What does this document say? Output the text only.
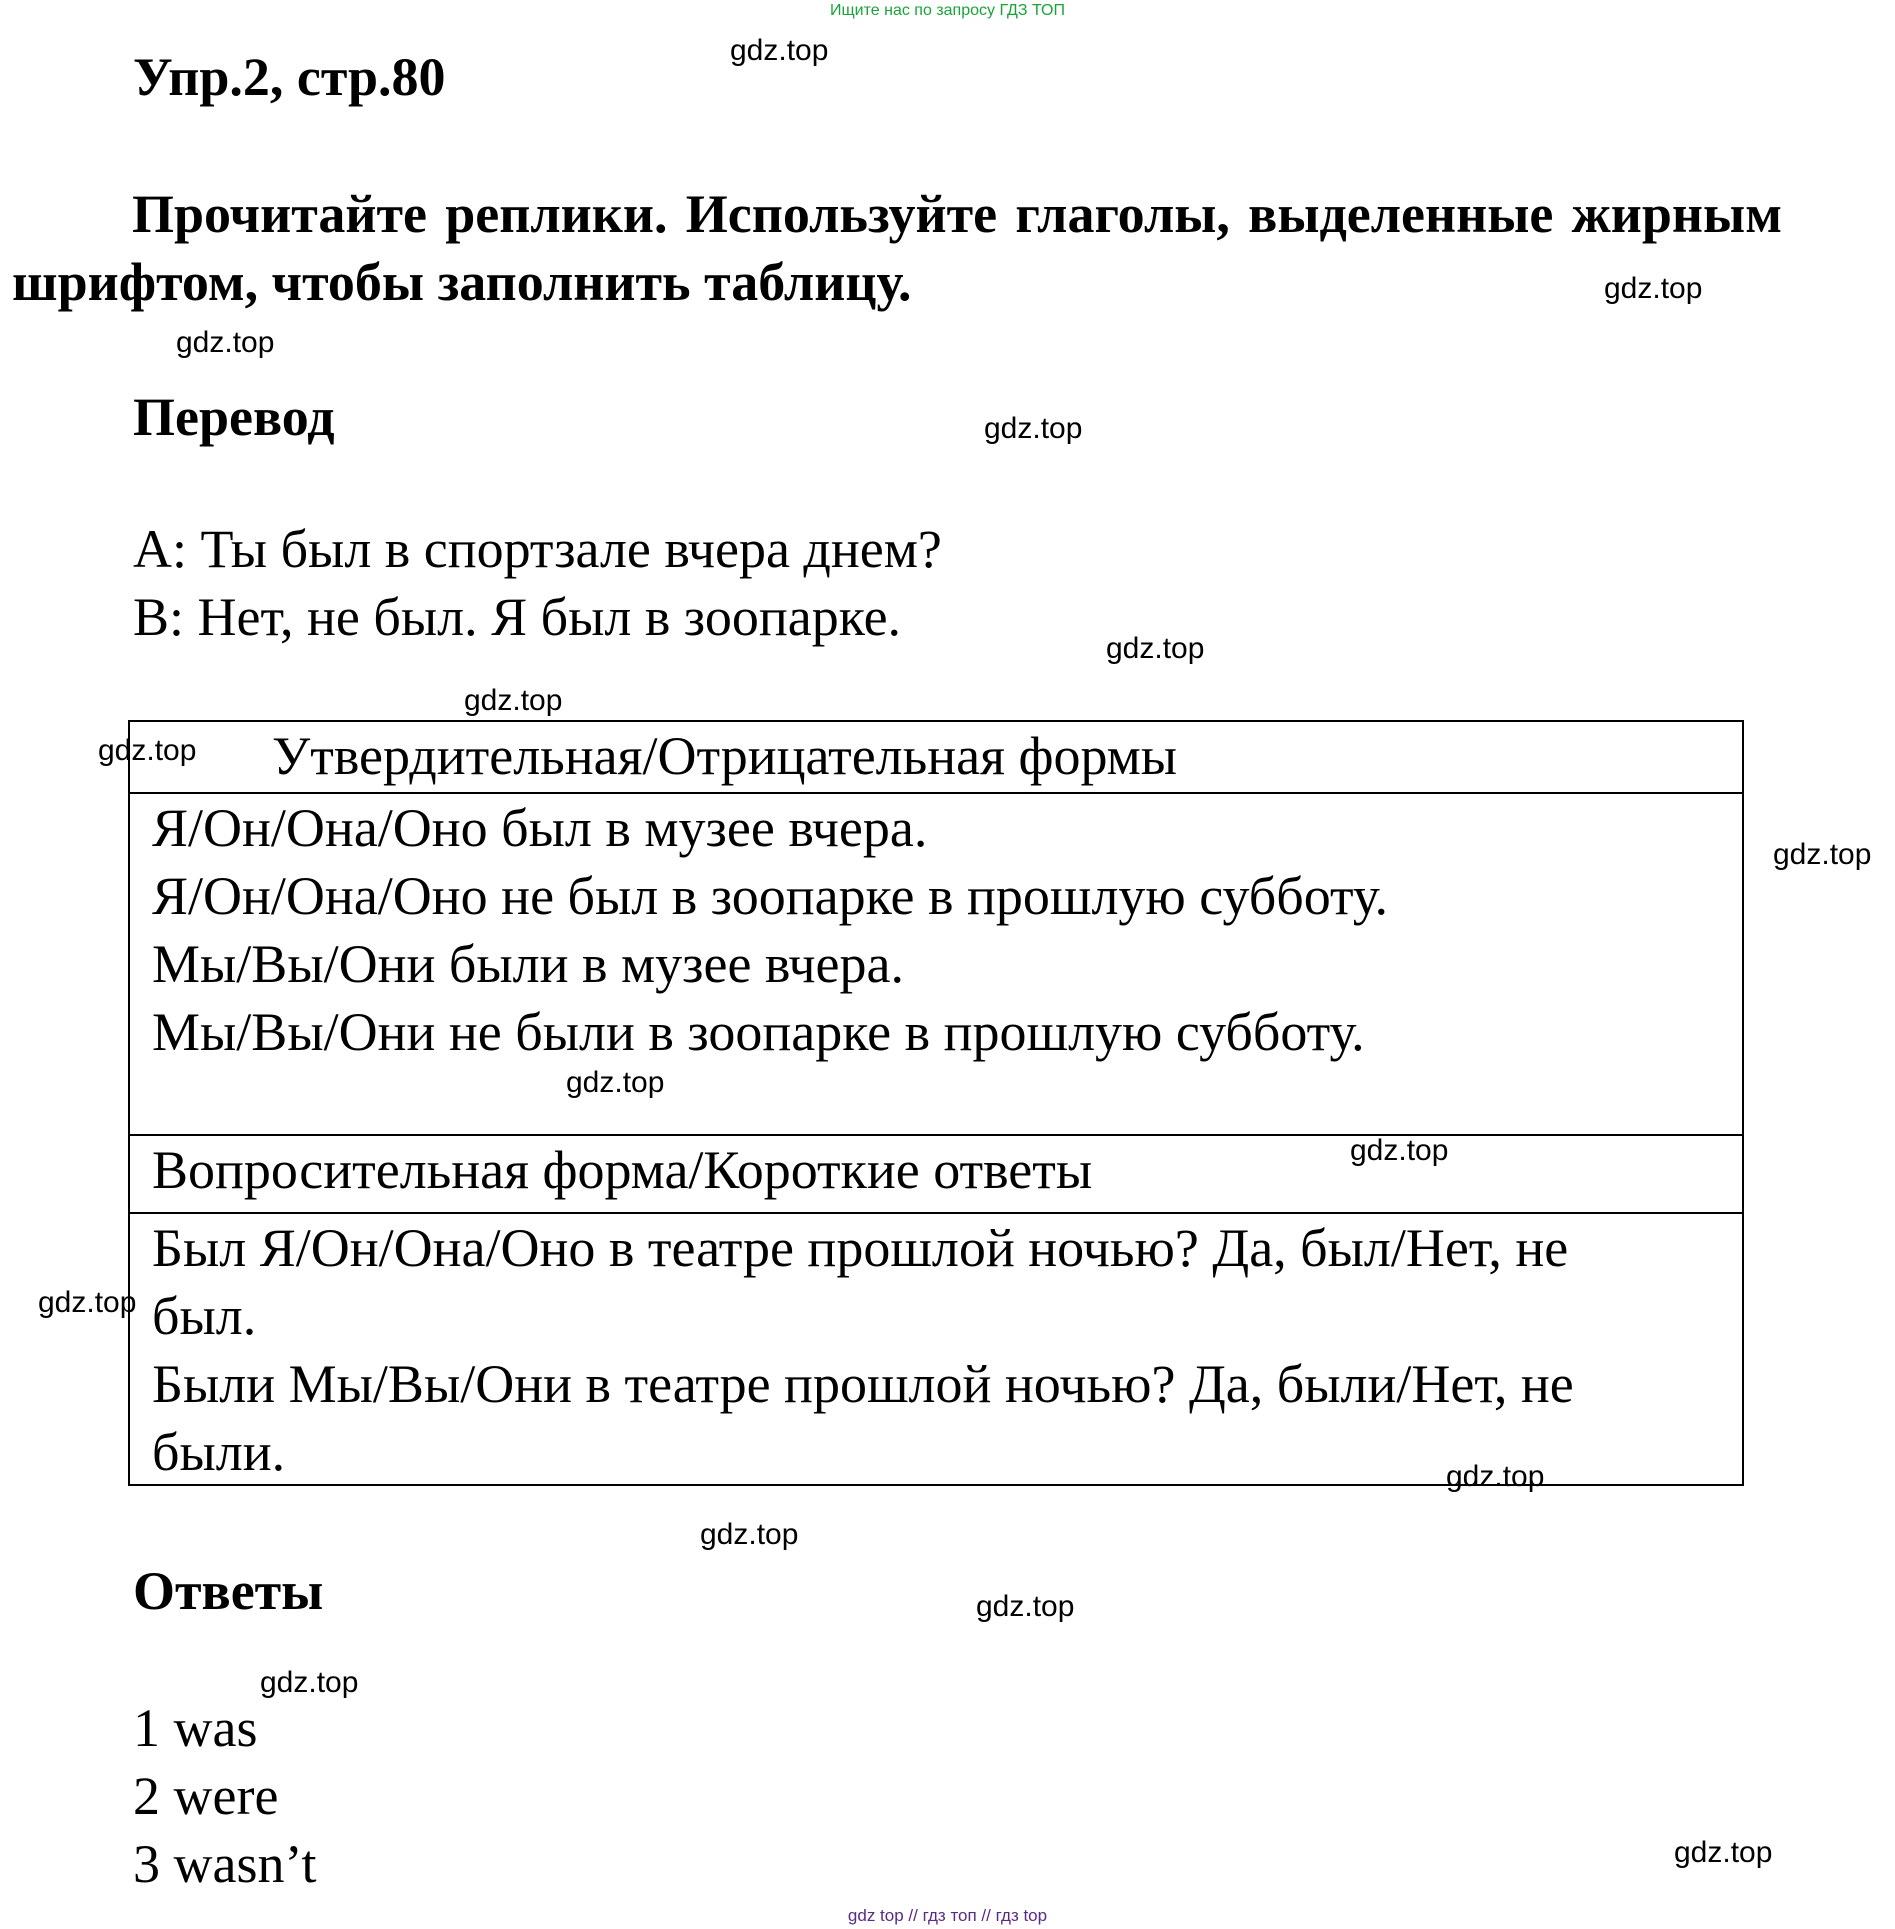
Ищите нас по запросу ГДЗ ТОП
Упр.2, стр.80
Прочитайте реплики. Используйте глаголы, выделенные жирным шрифтом, чтобы заполнить таблицу.
Перевод
A: Ты был в спортзале вчера днем?
B: Нет, не был. Я был в зоопарке.
Утвердительная/Отрицательная формы
Я/Он/Она/Оно был в музее вчера.
Я/Он/Она/Оно не был в зоопарке в прошлую субботу.
Мы/Вы/Они были в музее вчера.
Мы/Вы/Они не были в зоопарке в прошлую субботу.
Вопросительная форма/Короткие ответы
Был Я/Он/Она/Оно в театре прошлой ночью? Да, был/Нет, не
был.
Были Мы/Вы/Они в театре прошлой ночью? Да, были/Нет, не
были.
Ответы
1 was
2 were
3 wasn’t
gdz.top
gdz.top
gdz.top
gdz.top
gdz.top
gdz.top
gdz.top
gdz.top
gdz.top
gdz.top
gdz.top
gdz.top
gdz.top
gdz.top
gdz.top
gdz.top
gdz top // гдз топ // гдз top
